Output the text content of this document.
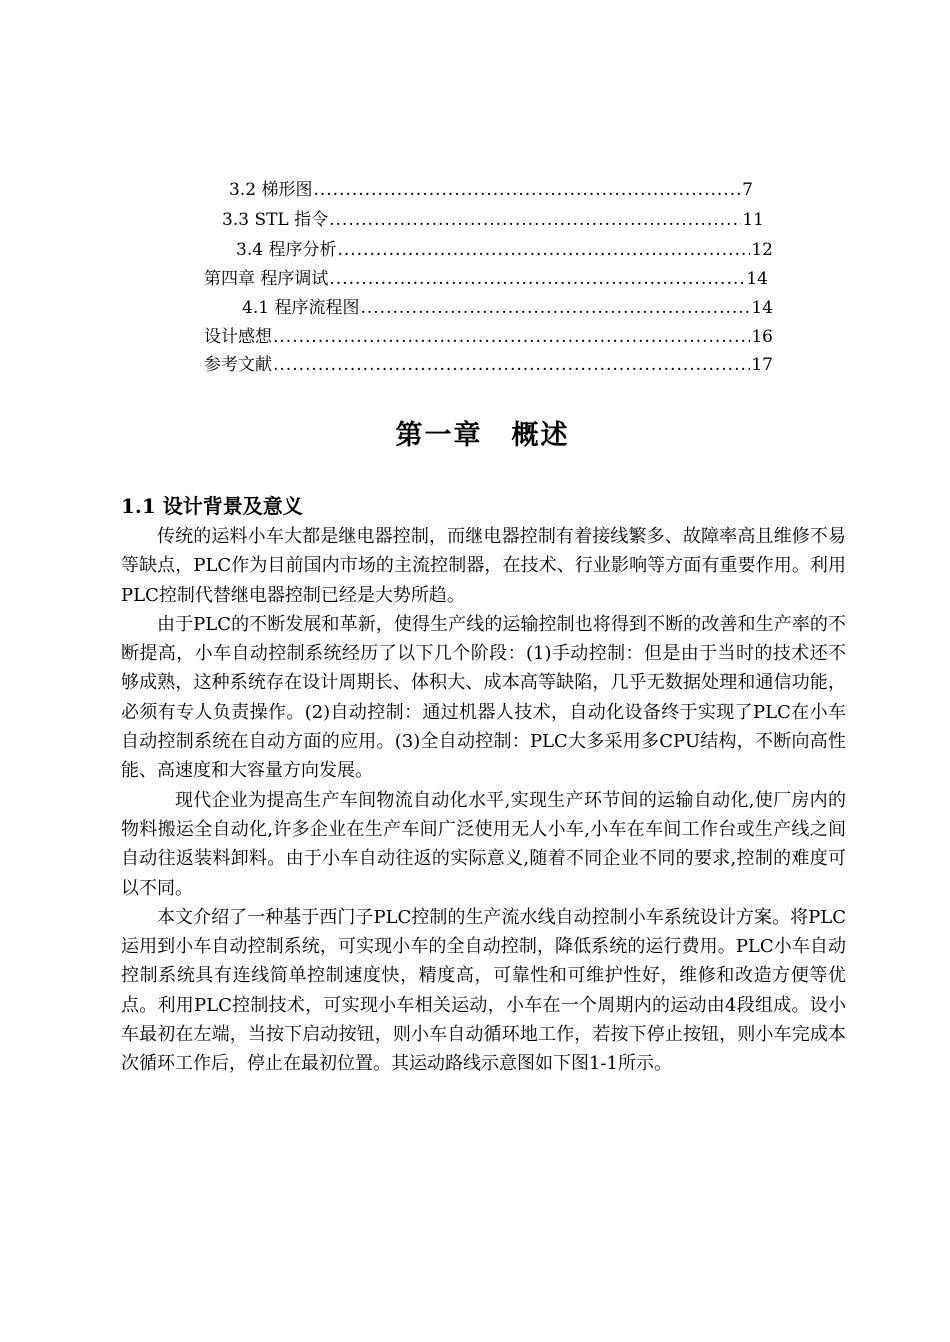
3.2 梯形图 .....	7
3.3 STL 指令 .....	11
3.4 程序分析 .....	12
第四章 程序调试 .....	14
4.1 程序流程图 .....	14
设计感想 .....	16
参考文献 .....	17
第一章　概述
1.1 设计背景及意义

传统的运料小车大都是继电器控制，而继电器控制有着接线繁多、故障率高且维修不易等缺点，PLC作为目前国内市场的主流控制器，在技术、行业影响等方面有重要作用。利用PLC控制代替继电器控制已经是大势所趋。

由于PLC的不断发展和革新，使得生产线的运输控制也将得到不断的改善和生产率的不断提高，小车自动控制系统经历了以下几个阶段：(1)手动控制：但是由于当时的技术还不够成熟，这种系统存在设计周期长、体积大、成本高等缺陷，几乎无数据处理和通信功能，必须有专人负责操作。(2)自动控制：通过机器人技术，自动化设备终于实现了PLC在小车自动控制系统在自动方面的应用。(3)全自动控制：PLC大多采用多CPU结构，不断向高性能、高速度和大容量方向发展。

现代企业为提高生产车间物流自动化水平,实现生产环节间的运输自动化,使厂房内的物料搬运全自动化,许多企业在生产车间广泛使用无人小车,小车在车间工作台或生产线之间自动往返装料卸料。由于小车自动往返的实际意义,随着不同企业不同的要求,控制的难度可以不同。

本文介绍了一种基于西门子PLC控制的生产流水线自动控制小车系统设计方案。将PLC运用到小车自动控制系统，可实现小车的全自动控制，降低系统的运行费用。PLC小车自动控制系统具有连线简单控制速度快，精度高，可靠性和可维护性好，维修和改造方便等优点。利用PLC控制技术，可实现小车相关运动，小车在一个周期内的运动由4段组成。设小车最初在左端，当按下启动按钮，则小车自动循环地工作，若按下停止按钮，则小车完成本次循环工作后，停止在最初位置。其运动路线示意图如下图1-1所示。
